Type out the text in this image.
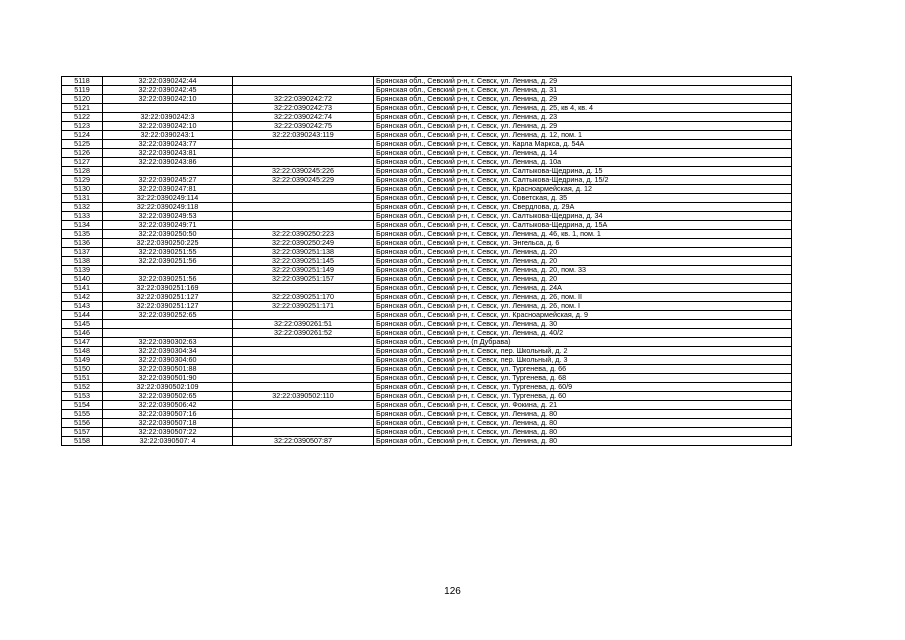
5118	32:22:0390242:44		Брянская обл., Севский р-н, г. Севск, ул. Ленина, д. 29
5119	32:22:0390242:45		Брянская обл., Севский р-н, г. Севск, ул. Ленина, д. 31
5120	32:22:0390242:10	32:22:0390242:72	Брянская обл., Севский р-н, г. Севск, ул. Ленина, д. 29
5121		32:22:0390242:73	Брянская обл., Севский р-н, г. Севск, ул. Ленина, д. 25, кв 4, кв. 4
5122	32:22:0390242:3	32:22:0390242:74	Брянская обл., Севский р-н, г. Севск, ул. Ленина, д. 23
5123	32:22:0390242:10	32:22:0390242:75	Брянская обл., Севский р-н, г. Севск, ул. Ленина, д. 29
5124	32:22:0390243:1	32:22:0390243:119	Брянская обл., Севский р-н, г. Севск, ул. Ленина, д. 12, пом. 1
5125	32:22:0390243:77		Брянская обл., Севский р-н, г. Севск, ул. Карла Маркса, д. 54А
5126	32:22:0390243:81		Брянская обл., Севский р-н, г. Севск, ул. Ленина, д. 14
5127	32:22:0390243:86		Брянская обл., Севский р-н, г. Севск, ул. Ленина, д. 10а
5128		32:22:0390245:226	Брянская обл., Севский р-н, г. Севск, ул. Салтыкова-Щедрина, д. 15
5129	32:22:0390245:27	32:22:0390245:229	Брянская обл., Севский р-н, г. Севск, ул. Салтыкова-Щедрина, д. 15/2
5130	32:22:0390247:81		Брянская обл., Севский р-н, г. Севск, ул. Красноармейская, д. 12
5131	32:22:0390249:114		Брянская обл., Севский р-н, г. Севск, ул. Советская, д. 35
5132	32:22:0390249:118		Брянская обл., Севский р-н, г. Севск, ул. Свердлова, д. 29А
5133	32:22:0390249:53		Брянская обл., Севский р-н, г. Севск, ул. Салтыкова-Щедрина, д. 34
5134	32:22:0390249:71		Брянская обл., Севский р-н, г. Севск, ул. Салтыкова-Щедрина, д. 15А
5135	32:22:0390250:50	32:22:0390250:223	Брянская обл., Севский р-н, г. Севск, ул. Ленина, д. 46, кв. 1, пом. 1
5136	32:22:0390250:225	32:22:0390250:249	Брянская обл., Севский р-н, г. Севск, ул. Энгельса, д. 6
5137	32:22:0390251:55	32:22:0390251:138	Брянская обл., Севский р-н, г. Севск, ул. Ленина, д. 20
5138	32:22:0390251:56	32:22:0390251:145	Брянская обл., Севский р-н, г. Севск, ул. Ленина, д. 20
5139		32:22:0390251:149	Брянская обл., Севский р-н, г. Севск, ул. Ленина, д. 20, пом. 33
5140	32:22:0390251:56	32:22:0390251:157	Брянская обл., Севский р-н, г. Севск, ул. Ленина, д. 20
5141	32:22:0390251:169		Брянская обл., Севский р-н, г. Севск, ул. Ленина, д. 24А
5142	32:22:0390251:127	32:22:0390251:170	Брянская обл., Севский р-н, г. Севск, ул. Ленина, д. 26, пом. II
5143	32:22:0390251:127	32:22:0390251:171	Брянская обл., Севский р-н, г. Севск, ул. Ленина, д. 26, пом. I
5144	32:22:0390252:65		Брянская обл., Севский р-н, г. Севск, ул. Красноармейская, д. 9
5145		32:22:0390261:51	Брянская обл., Севский р-н, г. Севск, ул. Ленина, д. 30
5146		32:22:0390261:52	Брянская обл., Севский р-н, г. Севск, ул. Ленина, д. 40/2
5147	32:22:0390302:63		Брянская обл., Севский р-н, (п Дубрава)
5148	32:22:0390304:34		Брянская обл., Севский р-н, г. Севск, пер. Школьный, д. 2
5149	32:22:0390304:60		Брянская обл., Севский р-н, г. Севск, пер. Школьный, д. 3
5150	32:22:0390501:88		Брянская обл., Севский р-н, г. Севск, ул. Тургенева, д. 66
5151	32:22:0390501:90		Брянская обл., Севский р-н, г. Севск, ул. Тургенева, д. 68
5152	32:22:0390502:109		Брянская обл., Севский р-н, г. Севск, ул. Тургенева, д. 60/9
5153	32:22:0390502:65	32:22:0390502:110	Брянская обл., Севский р-н, г. Севск, ул. Тургенева, д. 60
5154	32:22:0390506:42		Брянская обл., Севский р-н, г. Севск, ул. Фокина, д. 21
5155	32:22:0390507:16		Брянская обл., Севский р-н, г. Севск, ул. Ленина, д. 80
5156	32:22:0390507:18		Брянская обл., Севский р-н, г. Севск, ул. Ленина, д. 80
5157	32:22:0390507:22		Брянская обл., Севский р-н, г. Севск, ул. Ленина, д. 80
5158	32:22:0390507: 4	32:22:0390507:87	Брянская обл., Севский р-н, г. Севск, ул. Ленина, д. 80
126
